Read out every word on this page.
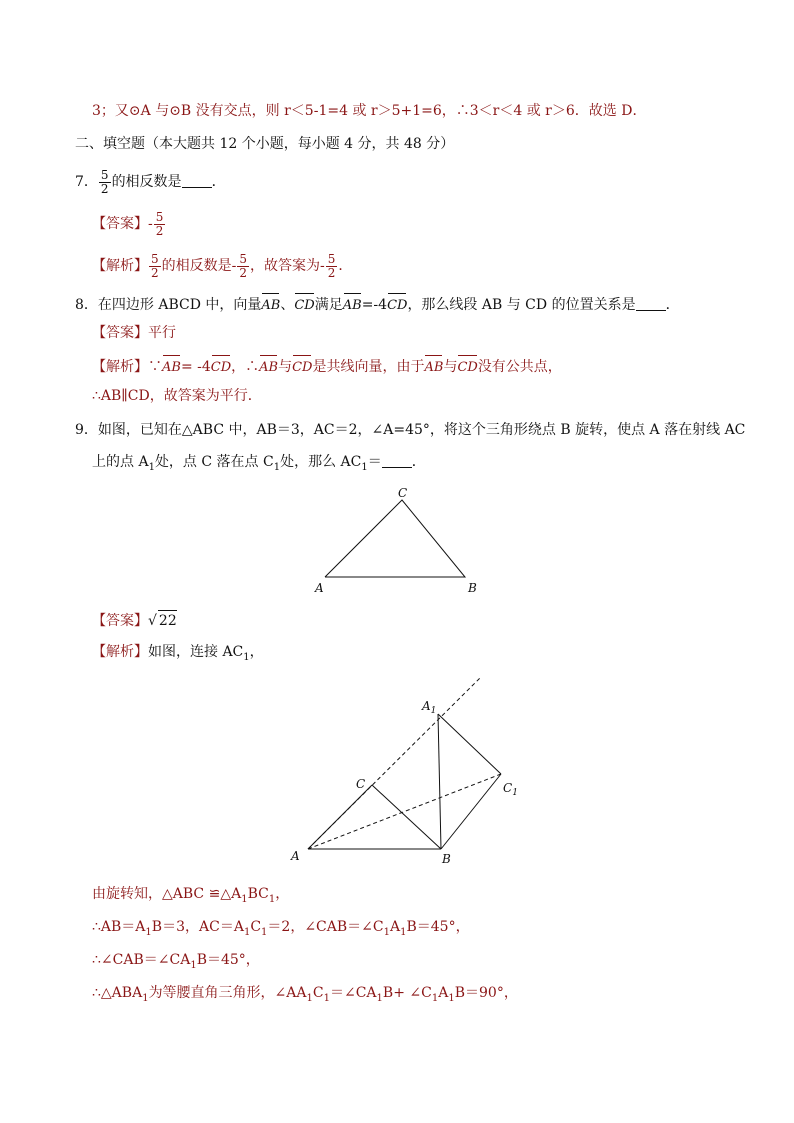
3；又⊙A 与⊙B 没有交点，则 r＜5-1=4 或 r＞5+1=6，∴3＜r＜4 或 r＞6．故选 D．
二、填空题（本大题共 12 个小题，每小题 4 分，共 48 分）
7． $\frac{5}{2}$ 的相反数是 ．
【答案】- $\frac{5}{2}$
【解析】 $\frac{5}{2}$ 的相反数是- $\frac{5}{2}$ ，故答案为- $\frac{5}{2}$ ．
8．在四边形 ABCD 中，向量AB、CD满足AB=-4CD，那么线段 AB 与 CD 的位置关系是 ．
【答案】平行
【解析】∵AB= -4CD，∴AB与CD是共线向量，由于AB与CD没有公共点，
∴AB∥CD，故答案为平行．
9．如图，已知在△ABC 中，AB＝3，AC＝2，∠A=45°，将这个三角形绕点 B 旋转，使点 A 落在射线 AC
上的点 $A_1$处，点 C 落在点 $C_1$处，那么 $AC_1=$ ．
C
A	B
【答案】√ 22
【解析】如图，连接 $AC_1$，
A	B
C
$A_1$
$C_1$
由旋转知，△ABC $≌\triangle A_1BC_1$，
$\therefore AB=A_1B=3$，$AC=A_1C_1=2$，$\angle CAB=\angle C_1A_1B=45^\circ$，
$\therefore\angle CAB=\angle CA_1B=45^\circ$，
$\therefore\triangle ABA_1$为等腰直角三角形，$\angle AA_1C_1=\angle CA_1B+$ $\angle C_1A_1B=90^\circ$，
